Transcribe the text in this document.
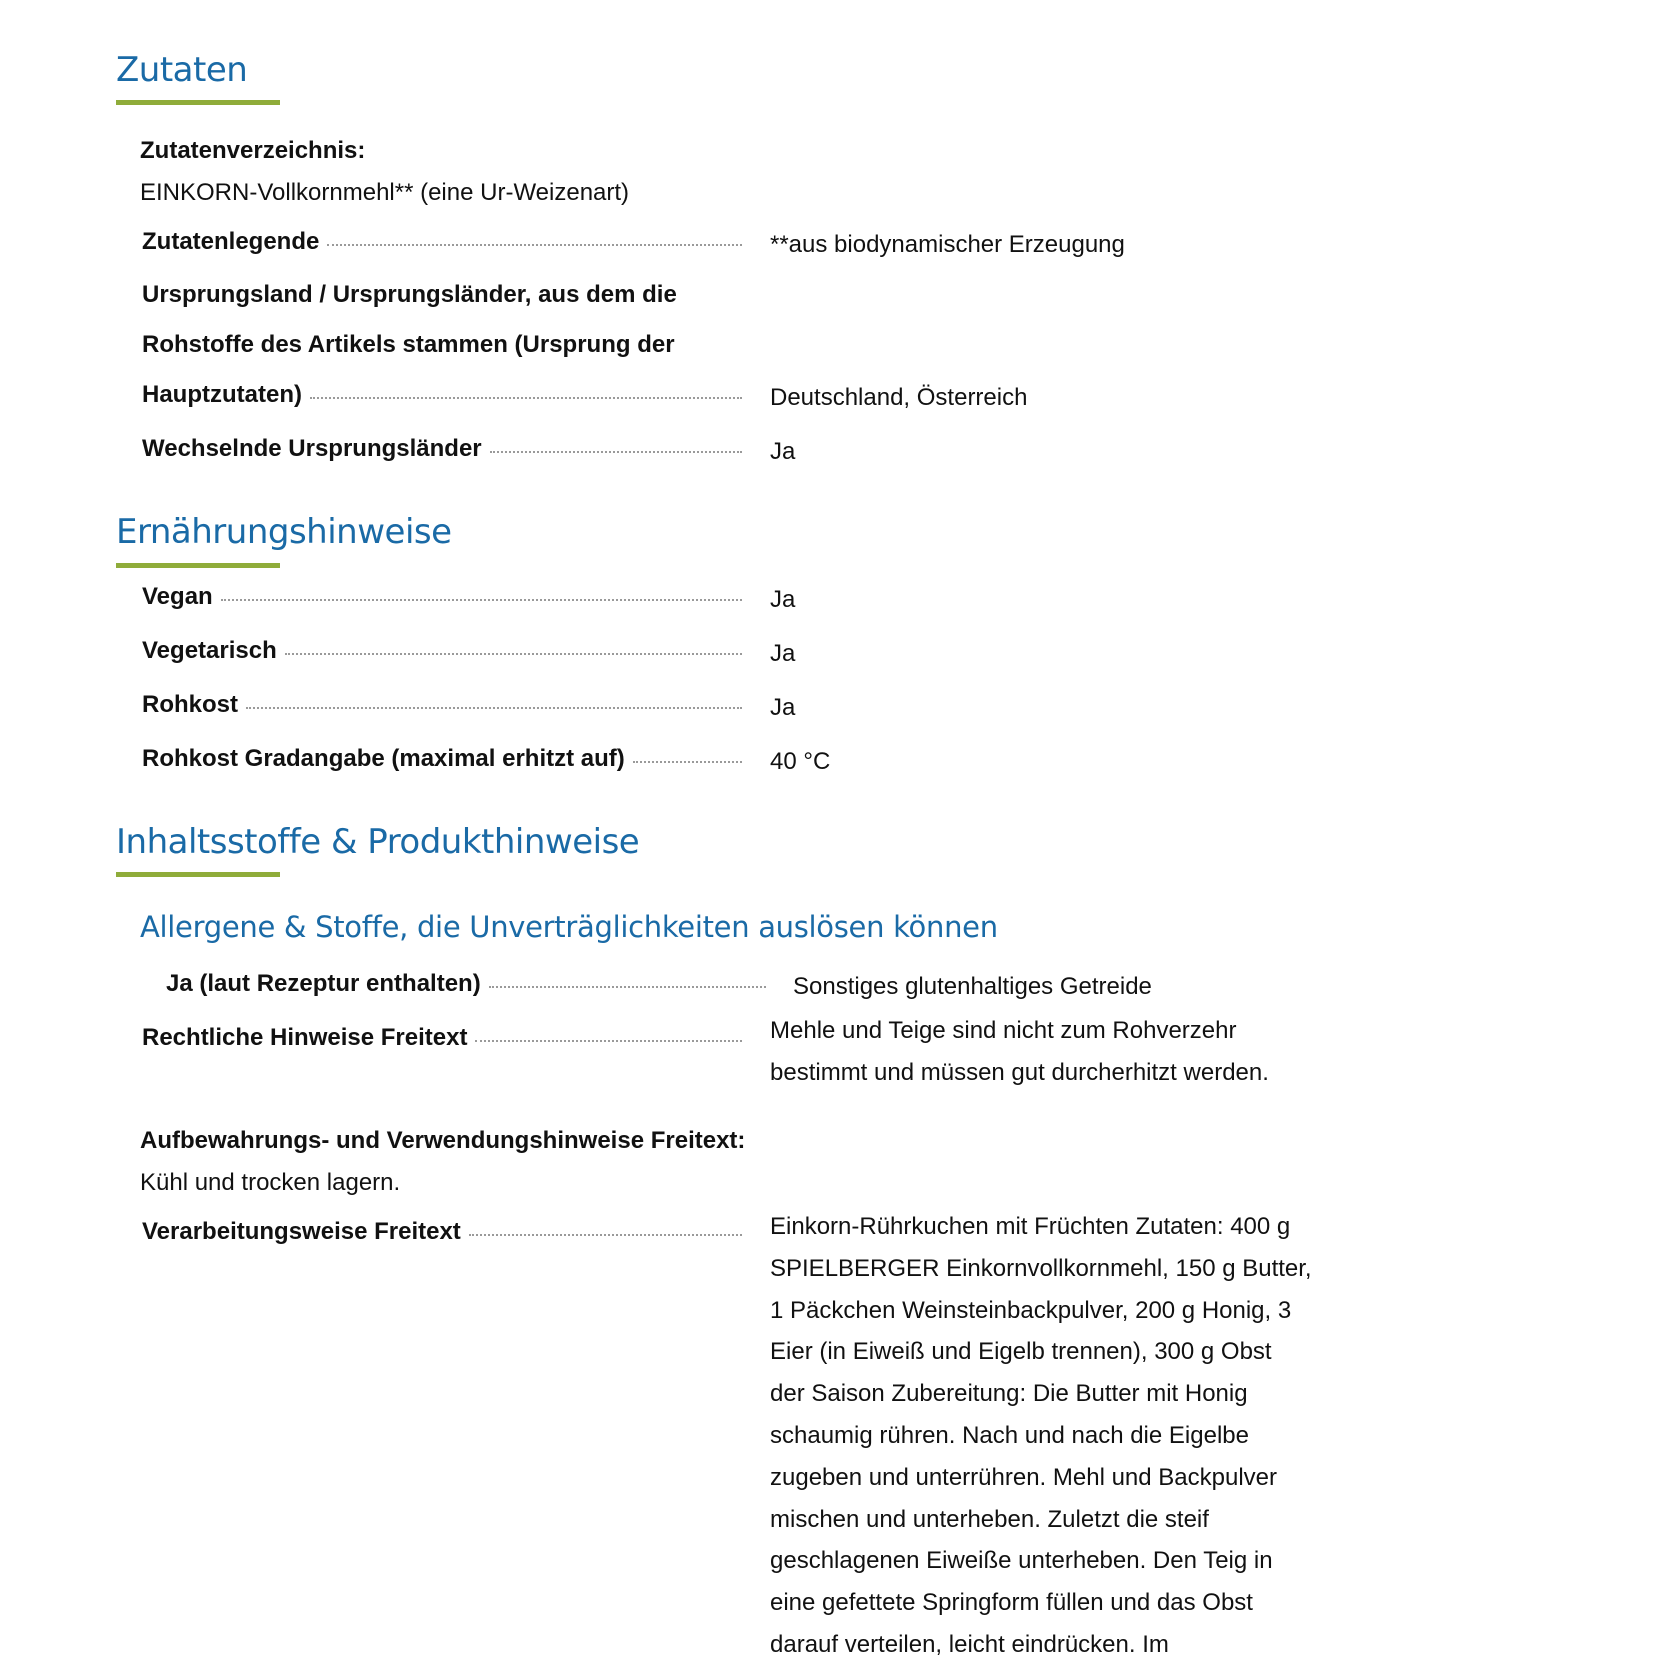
Zutaten
Zutatenverzeichnis:
EINKORN-Vollkornmehl** (eine Ur-Weizenart)
Zutatenlegende	**aus biodynamischer Erzeugung
Ursprungsland / Ursprungsländer, aus dem die
Rohstoffe des Artikels stammen (Ursprung der
Hauptzutaten)	Deutschland, Österreich
Wechselnde Ursprungsländer	Ja
Ernährungshinweise
Vegan	Ja
Vegetarisch	Ja
Rohkost	Ja
Rohkost Gradangabe (maximal erhitzt auf)	40 °C
Inhaltsstoffe & Produkthinweise
Allergene & Stoffe, die Unverträglichkeiten auslösen können
Ja (laut Rezeptur enthalten)	Sonstiges glutenhaltiges Getreide
Rechtliche Hinweise Freitext	Mehle und Teige sind nicht zum Rohverzehr
bestimmt und müssen gut durcherhitzt werden.
Aufbewahrungs- und Verwendungshinweise Freitext:
Kühl und trocken lagern.
Verarbeitungsweise Freitext	Einkorn-Rührkuchen mit Früchten Zutaten: 400 g
SPIELBERGER Einkornvollkornmehl, 150 g Butter,
1 Päckchen Weinsteinbackpulver, 200 g Honig, 3
Eier (in Eiweiß und Eigelb trennen), 300 g Obst
der Saison Zubereitung: Die Butter mit Honig
schaumig rühren. Nach und nach die Eigelbe
zugeben und unterrühren. Mehl und Backpulver
mischen und unterheben. Zuletzt die steif
geschlagenen Eiweiße unterheben. Den Teig in
eine gefettete Springform füllen und das Obst
darauf verteilen, leicht eindrücken. Im
